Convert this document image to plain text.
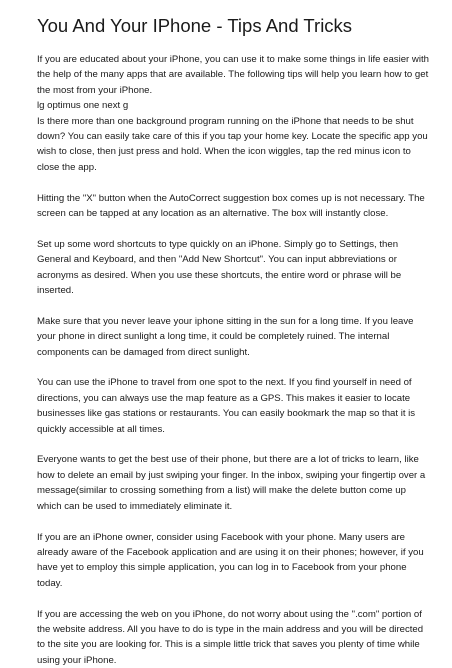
You And Your IPhone - Tips And Tricks

If you are educated about your iPhone, you can use it to make some things in life easier with
the help of the many apps that are available. The following tips will help you learn how to get
the most from your iPhone.

lg optimus one next g

Is there more than one background program running on the iPhone that needs to be shut
down? You can easily take care of this if you tap your home key. Locate the specific app you
wish to close, then just press and hold. When the icon wiggles, tap the red minus icon to
close the app.

Hitting the "X" button when the AutoCorrect suggestion box comes up is not necessary. The
screen can be tapped at any location as an alternative. The box will instantly close.

Set up some word shortcuts to type quickly on an iPhone. Simply go to Settings, then
General and Keyboard, and then "Add New Shortcut". You can input abbreviations or
acronyms as desired. When you use these shortcuts, the entire word or phrase will be
inserted.

Make sure that you never leave your iphone sitting in the sun for a long time. If you leave
your phone in direct sunlight a long time, it could be completely ruined. The internal
components can be damaged from direct sunlight.

You can use the iPhone to travel from one spot to the next. If you find yourself in need of
directions, you can always use the map feature as a GPS. This makes it easier to locate
businesses like gas stations or restaurants. You can easily bookmark the map so that it is
quickly accessible at all times.

Everyone wants to get the best use of their phone, but there are a lot of tricks to learn, like
how to delete an email by just swiping your finger. In the inbox, swiping your fingertip over a
message(similar to crossing something from a list) will make the delete button come up
which can be used to immediately eliminate it.

If you are an iPhone owner, consider using Facebook with your phone. Many users are
already aware of the Facebook application and are using it on their phones; however, if you
have yet to employ this simple application, you can log in to Facebook from your phone
today.

If you are accessing the web on you iPhone, do not worry about using the ".com" portion of
the website address. All you have to do is type in the main address and you will be directed
to the site you are looking for. This is a simple little trick that saves you plenty of time while
using your iPhone.
